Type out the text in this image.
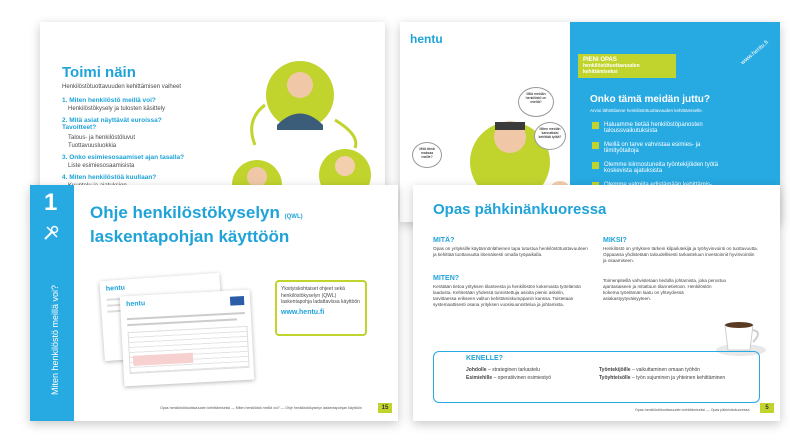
Toimi näin
Henkilöstötuottavuuden kehittämisen vaiheet
1. Miten henkilöstö meillä voi?
Henkilöstökysely ja tulosten käsittely
2. Mitä asiat näyttävät euroissa? Tavoitteet?
Talous- ja henkilöstöluvut
Tuottavuusluokkia
3. Onko esimiesosaamiset ajan tasalla?
Liste esimiesosaamisista
4. Miten henkilöstöä kuullaan?
hentu
Mitä meidän henkilöstö on mieltä?
Mitä tämä maksaa meille?
Miten meidän kannattaisi kehittää työtä?
PIENI OPAS
henkilöstötuottavuuden
kehittämiseksi
www.hentu.fi
Onko tämä meidän juttu?
Arvioi lähtötilanne henkilöstötuottavuuden kehittämiselle.
Haluamme tietää henkilöstöpanosten taloussvaikutuksista
Meillä on tarve vahvistaa esimies- ja tiimityötaitoja
Olemme kiinnostuneita työntekijöiden työtä koskevista ajatuksista
1
Miten henkilöstö meillä voi?
Ohje henkilöstökyselyn (QWL)
laskentapohjan käyttöön
hentu
hentu
Yksityiskohtaiset ohjeet sekä henkilöstökyselyn (QWL) laskentapohja ladattavissa käyttöön
www.hentu.fi
Opas henkilöstötuottavuuden kehittämiseksi — Miten henkilöstö meillä voi? — Ohje henkilöstökyselyn laskentapohjan käyttöön	15
Opas pähkinänkuoressa
MITÄ?
Opas on yrityksille käytännönläheinen tapa tutustua henkilöstötuottavuuteen ja kehittää tuottavuutta itsenäisesti omalla työpaikalla.
MITEN?
Kerätään tietoa yrityksen tilanteesta ja henkilöstön kokemasta työelämän laadusta. Kehitetään yhdessä tunnistettuja asioita pienin askelin, tarvittaessa erikseen valitun kehittämiskumppanin kanssa. Toistetaan systemaattisesti osana yrityksen vuosisuunnittelua ja johtamista.
MIKSI?
Henkilöstö on yrityksen tärkein kilpailutekijä ja työhyvinvointi on tuottavuutta. Oppaassa yhdistetään taloudellisesti tarkasteluun investoinnit hyvinvointiin ja osaamiseen.
Toimenpiteillä vahvistetaan tiedolla johtamista, joka perustuu ajantasaiseen ja mitattuun tilannetietoon. Henkilöstön kokema työelämän laatu on yhteydessä asiakastyytyväisyyteen.
KENELLE?
Johdolle – strateginen tarkastelu
Esimiehille – operatiivinen esimiestyö
Työntekijöille – vaikuttaminen omaan työhön
Työyhteisölle – työn sujuminen ja yhteinen kehittäminen
Opas henkilöstötuottavuuden kehittämiseksi — Opas pähkinänkuoressa	5
